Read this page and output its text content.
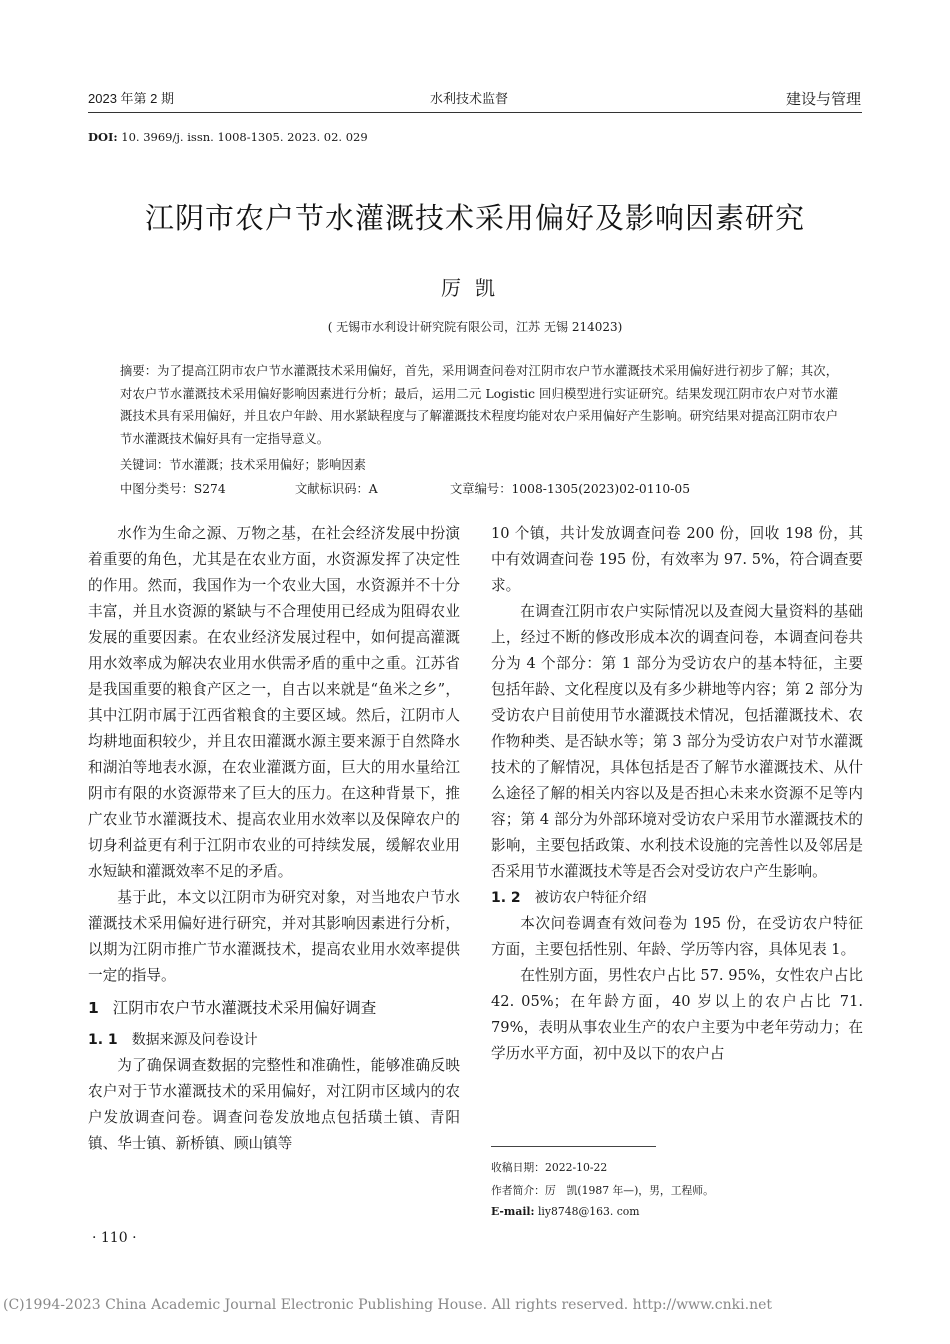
2023 年第 2 期	水利技术监督	建设与管理
DOI: 10. 3969/j. issn. 1008-1305. 2023. 02. 029
江阴市农户节水灌溉技术采用偏好及影响因素研究
厉凯
( 无锡市水利设计研究院有限公司，江苏 无锡 214023)
摘要：为了提高江阴市农户节水灌溉技术采用偏好，首先，采用调查问卷对江阴市农户节水灌溉技术采用偏好进行初步了解；其次，对农户节水灌溉技术采用偏好影响因素进行分析；最后，运用二元 Logistic 回归模型进行实证研究。结果发现江阴市农户对节水灌溉技术具有采用偏好，并且农户年龄、用水紧缺程度与了解灌溉技术程度均能对农户采用偏好产生影响。研究结果对提高江阴市农户节水灌溉技术偏好具有一定指导意义。
关键词：节水灌溉；技术采用偏好；影响因素
中图分类号：S274	文献标识码：A	文章编号：1008-1305(2023)02-0110-05

水作为生命之源、万物之基，在社会经济发展中扮演着重要的角色，尤其是在农业方面，水资源发挥了决定性的作用。然而，我国作为一个农业大国，水资源并不十分丰富，并且水资源的紧缺与不合理使用已经成为阻碍农业发展的重要因素。在农业经济发展过程中，如何提高灌溉用水效率成为解决农业用水供需矛盾的重中之重。江苏省是我国重要的粮食产区之一，自古以来就是“鱼米之乡”，其中江阴市属于江西省粮食的主要区域。然后，江阴市人均耕地面积较少，并且农田灌溉水源主要来源于自然降水和湖泊等地表水源，在农业灌溉方面，巨大的用水量给江阴市有限的水资源带来了巨大的压力。在这种背景下，推广农业节水灌溉技术、提高农业用水效率以及保障农户的切身利益更有利于江阴市农业的可持续发展，缓解农业用水短缺和灌溉效率不足的矛盾。

基于此，本文以江阴市为研究对象，对当地农户节水灌溉技术采用偏好进行研究，并对其影响因素进行分析，以期为江阴市推广节水灌溉技术，提高农业用水效率提供一定的指导。

1 江阴市农户节水灌溉技术采用偏好调查

1. 1 数据来源及问卷设计

为了确保调查数据的完整性和准确性，能够准确反映农户对于节水灌溉技术的采用偏好，对江阴市区域内的农户发放调查问卷。调查问卷发放地点包括璜土镇、青阳镇、华士镇、新桥镇、顾山镇等

10 个镇，共计发放调查问卷 200 份，回收 198 份，其中有效调查问卷 195 份，有效率为 97. 5%，符合调查要求。

在调查江阴市农户实际情况以及查阅大量资料的基础上，经过不断的修改形成本次的调查问卷，本调查问卷共分为 4 个部分：第 1 部分为受访农户的基本特征，主要包括年龄、文化程度以及有多少耕地等内容；第 2 部分为受访农户目前使用节水灌溉技术情况，包括灌溉技术、农作物种类、是否缺水等；第 3 部分为受访农户对节水灌溉技术的了解情况，具体包括是否了解节水灌溉技术、从什么途径了解的相关内容以及是否担心未来水资源不足等内容；第 4 部分为外部环境对受访农户采用节水灌溉技术的影响，主要包括政策、水利技术设施的完善性以及邻居是否采用节水灌溉技术等是否会对受访农户产生影响。

1. 2 被访农户特征介绍

本次问卷调查有效问卷为 195 份，在受访农户特征方面，主要包括性别、年龄、学历等内容，具体见表 1。

在性别方面，男性农户占比 57. 95%，女性农户占比 42. 05%；在年龄方面，40 岁以上的农户占比 71. 79%，表明从事农业生产的农户主要为中老年劳动力；在学历水平方面，初中及以下的农户占

收稿日期：2022-10-22
作者简介：厉　凯(1987 年—)，男，工程师。
E-mail: liy8748@163. com
· 110 ·
(C)1994-2023 China Academic Journal Electronic Publishing House. All rights reserved. http://www.cnki.net
